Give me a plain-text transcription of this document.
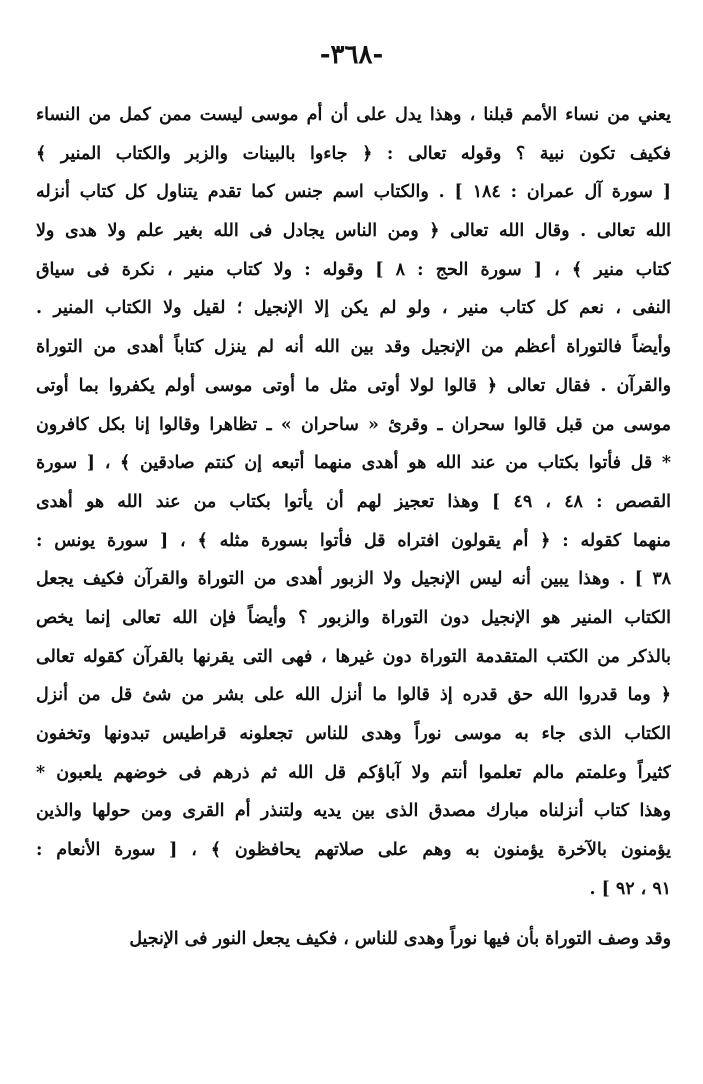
-٣٦٨-
يعني من نساء الأمم قبلنا ، وهذا يدل على أن أم موسى ليست ممن كمل من النساء
فكيف تكون نبية ؟ وقوله تعالى : ﴿ جاءوا بالبينات والزبر والكتاب المنير ﴾
[ سورة آل عمران : ١٨٤ ] . والكتاب اسم جنس كما تقدم يتناول كل كتاب أنزله
الله تعالى . وقال الله تعالى ﴿ ومن الناس يجادل فى الله بغير علم ولا هدى ولا
كتاب منير ﴾ ، [ سورة الحج : ٨ ] وقوله : ولا كتاب منير ، نكرة فى سياق
النفى ، نعم كل كتاب منير ، ولو لم يكن إلا الإنجيل ؛ لقيل ولا الكتاب المنير .
وأيضاً فالتوراة أعظم من الإنجيل وقد بين الله أنه لم ينزل كتاباً أهدى من التوراة
والقرآن . فقال تعالى ﴿ قالوا لولا أوتى مثل ما أوتى موسى أولم يكفروا بما أوتى
موسى من قبل قالوا سحران ـ وقرئ « ساحران » ـ تظاهرا وقالوا إنا بكل كافرون
* قل فأتوا بكتاب من عند الله هو أهدى منهما أتبعه إن كنتم صادقين ﴾ ، [ سورة
القصص : ٤٨ ، ٤٩ ] وهذا تعجيز لهم أن يأتوا بكتاب من عند الله هو أهدى
منهما كقوله : ﴿ أم يقولون افتراه قل فأتوا بسورة مثله ﴾ ، [ سورة يونس :
٣٨ ] . وهذا يبين أنه ليس الإنجيل ولا الزبور أهدى من التوراة والقرآن فكيف يجعل
الكتاب المنير هو الإنجيل دون التوراة والزبور ؟ وأيضاً فإن الله تعالى إنما يخص
بالذكر من الكتب المتقدمة التوراة دون غيرها ، فهى التى يقرنها بالقرآن كقوله تعالى
﴿ وما قدروا الله حق قدره إذ قالوا ما أنزل الله على بشر من شئ قل من أنزل
الكتاب الذى جاء به موسى نوراً وهدى للناس تجعلونه قراطيس تبدونها وتخفون
كثيراً وعلمتم مالم تعلموا أنتم ولا آباؤكم قل الله ثم ذرهم فى خوضهم يلعبون *
وهذا كتاب أنزلناه مبارك مصدق الذى بين يديه ولتنذر أم القرى ومن حولها والذين
يؤمنون بالآخرة يؤمنون به وهم على صلاتهم يحافظون ﴾ ، [ سورة الأنعام :
٩١ ، ٩٢ ] .
وقد وصف التوراة بأن فيها نوراً وهدى للناس ، فكيف يجعل النور فى الإنجيل
